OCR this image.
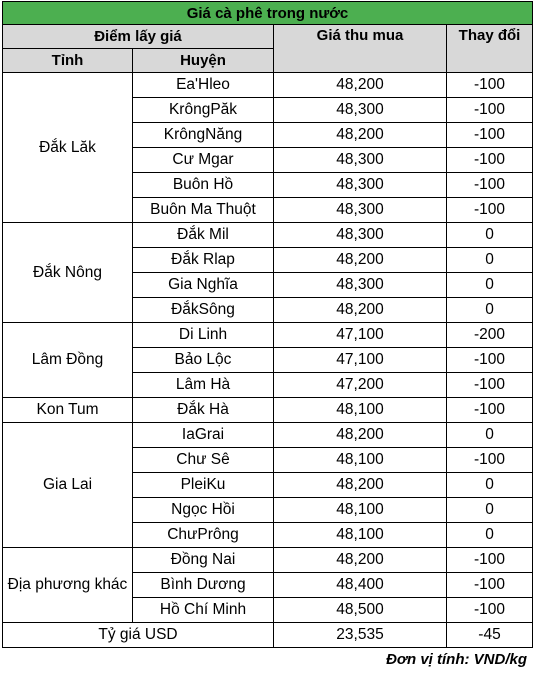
Giá cà phê trong nước			
Điểm lấy giá		Giá thu mua	Thay đổi
Tỉnh	Huyện		
Đắk Lăk	Ea'Hleo	48,200	-100
	KrôngPăk	48,300	-100
	KrôngNăng	48,200	-100
	Cư Mgar	48,300	-100
	Buôn Hồ	48,300	-100
	Buôn Ma Thuột	48,300	-100
Đắk Nông	Đắk Mil	48,300	0
	Đắk Rlap	48,200	0
	Gia Nghĩa	48,300	0
	ĐắkSông	48,200	0
Lâm Đồng	Di Linh	47,100	-200
	Bảo Lộc	47,100	-100
	Lâm Hà	47,200	-100
Kon Tum	Đắk Hà	48,100	-100
Gia Lai	IaGrai	48,200	0
	Chư Sê	48,100	-100
	PleiKu	48,200	0
	Ngọc Hồi	48,100	0
	ChưPrông	48,100	0
Địa phương khác	Đồng Nai	48,200	-100
	Bình Dương	48,400	-100
	Hồ Chí Minh	48,500	-100
Tỷ giá USD		23,535	-45
Đơn vị tính: VND/kg
